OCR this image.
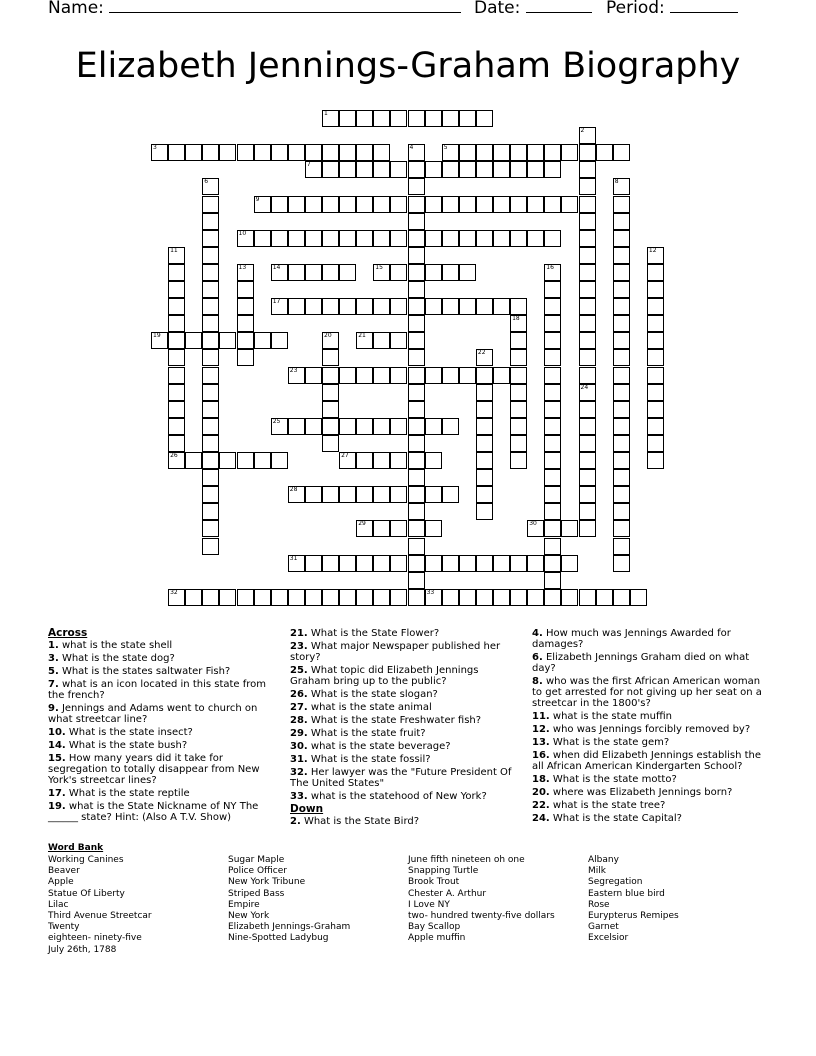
Name:	Date:	Period:
Elizabeth Jennings-Graham Biography
1
3	5
7
9
10
14	15
17
19	21
23
25
26	27
28
29	30
31
32	33
2
24
4
6	8
11	12
13	16
18
20
22
Across
1. what is the state shell
3. What is the state dog?
5. What is the states saltwater Fish?
7. what is an icon located in this state from the french?
9. Jennings and Adams went to church on what streetcar line?
10. What is the state insect?
14. What is the state bush?
15. How many years did it take for segregation to totally disappear from New York's streetcar lines?
17. What is the state reptile
19. what is the State Nickname of NY The ______ state? Hint: (Also A T.V. Show)
21. What is the State Flower?
23. What major Newspaper published her story?
25. What topic did Elizabeth Jennings Graham bring up to the public?
26. What is the state slogan?
27. what is the state animal
28. What is the state Freshwater fish?
29. What is the state fruit?
30. what is the state beverage?
31. What is the state fossil?
32. Her lawyer was the "Future President Of The United States"
33. what is the statehood of New York?
Down
2. What is the State Bird?
4. How much was Jennings Awarded for damages?
6. Elizabeth Jennings Graham died on what day?
8. who was the first African American woman to get arrested for not giving up her seat on a streetcar in the 1800's?
11. what is the state muffin
12. who was Jennings forcibly removed by?
13. What is the state gem?
16. when did Elizabeth Jennings establish the all African American Kindergarten School?
18. What is the state motto?
20. where was Elizabeth Jennings born?
22. what is the state tree?
24. What is the state Capital?
Word Bank
Working Canines
Beaver
Apple
Statue Of Liberty
Lilac
Third Avenue Streetcar
Twenty
eighteen- ninety-five
July 26th, 1788
Sugar Maple
Police Officer
New York Tribune
Striped Bass
Empire
New York
Elizabeth Jennings-Graham
Nine-Spotted Ladybug
June fifth nineteen oh one
Snapping Turtle
Brook Trout
Chester A. Arthur
I Love NY
two- hundred twenty-five dollars
Bay Scallop
Apple muffin
Albany
Milk
Segregation
Eastern blue bird
Rose
Eurypterus Remipes
Garnet
Excelsior
